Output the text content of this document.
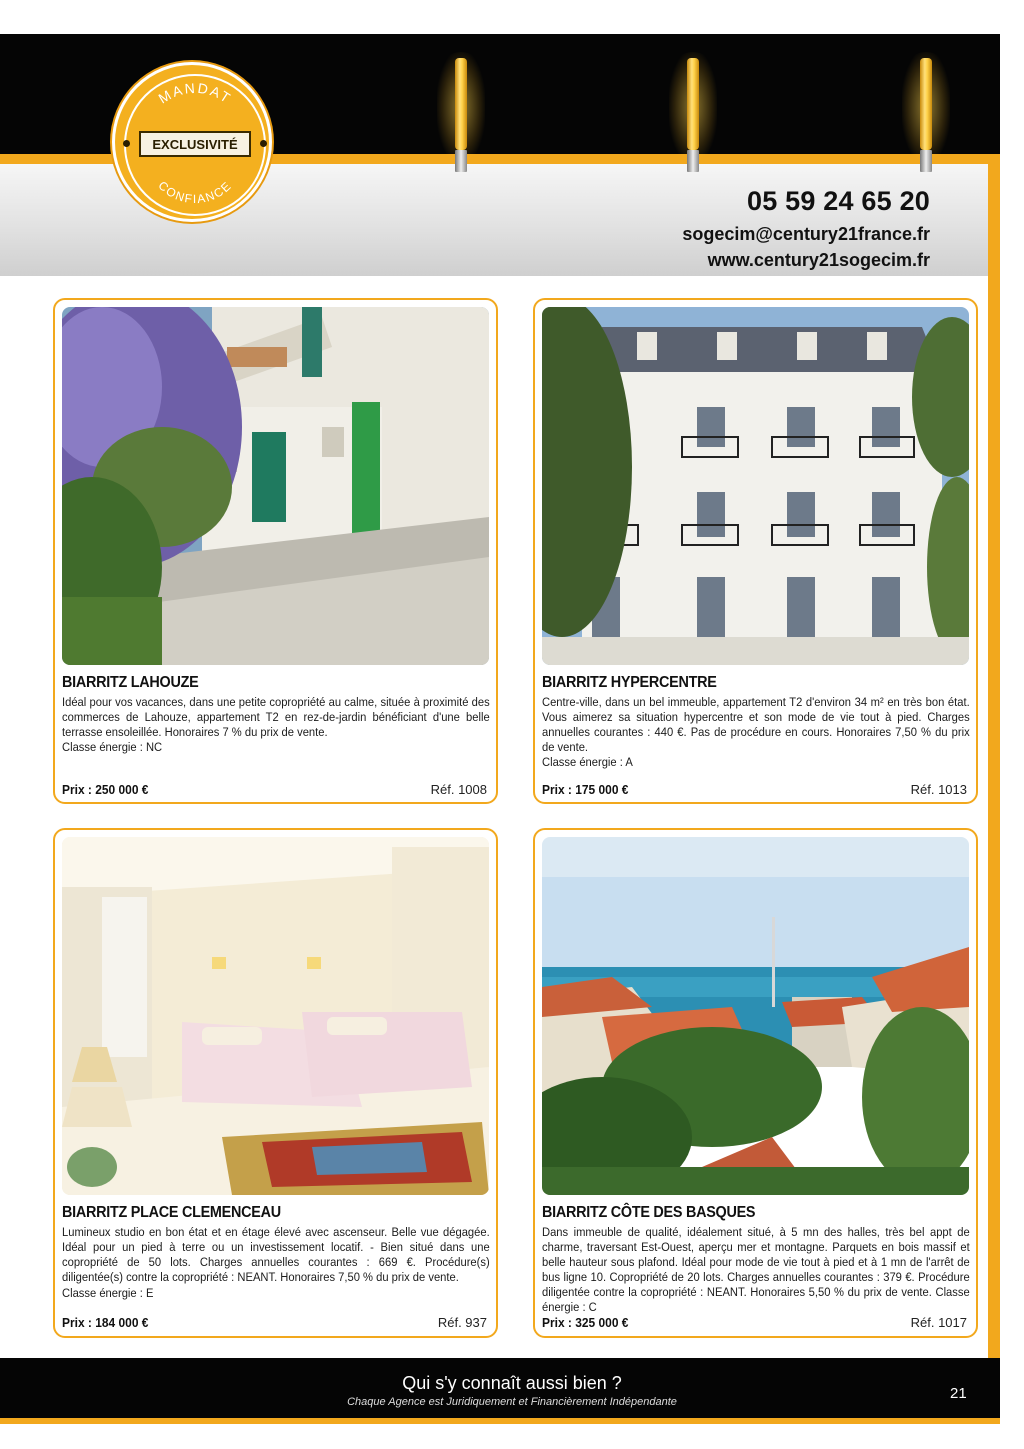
MANDAT
CONFIANCE
EXCLUSIVITÉ
05 59 24 65 20
sogecim@century21france.fr
www.century21sogecim.fr
BIARRITZ LAHOUZE
Idéal pour vos vacances, dans une petite copropriété au calme, située à proximité des commerces de Lahouze, appartement T2 en rez-de-jardin bénéficiant d'une belle terrasse ensoleillée. Honoraires 7 % du prix de vente.
Classe énergie : NC
Prix : 250 000 €	Réf. 1008
BIARRITZ HYPERCENTRE
Centre-ville, dans un bel immeuble, appartement T2 d'environ 34 m² en très bon état. Vous aimerez sa situation hypercentre et son mode de vie tout à pied. Charges annuelles courantes : 440 €. Pas de procédure en cours. Honoraires 7,50 % du prix de vente.
Classe énergie : A
Prix : 175 000 €	Réf. 1013
BIARRITZ PLACE CLEMENCEAU
Lumineux studio en bon état et en étage élevé avec ascenseur. Belle vue dégagée. Idéal pour un pied à terre ou un investissement locatif. - Bien situé dans une copropriété de 50 lots. Charges annuelles courantes : 669 €. Procédure(s) diligentée(s) contre la copropriété : NEANT. Honoraires 7,50 % du prix de vente.
Classe énergie : E
Prix : 184 000 €	Réf. 937
BIARRITZ CÔTE DES BASQUES
Dans immeuble de qualité, idéalement situé, à 5 mn des halles, très bel appt de charme, traversant Est-Ouest, aperçu mer et montagne. Parquets en bois massif et belle hauteur sous plafond. Idéal pour mode de vie tout à pied et à 1 mn de l'arrêt de bus ligne 10. Copropriété de 20 lots. Charges annuelles courantes : 379 €. Procédure diligentée contre la copropriété : NEANT. Honoraires 5,50 % du prix de vente. Classe énergie : C
Prix : 325 000 €	Réf. 1017
Qui s'y connaît aussi bien ?
Chaque Agence est Juridiquement et Financièrement Indépendante	21
